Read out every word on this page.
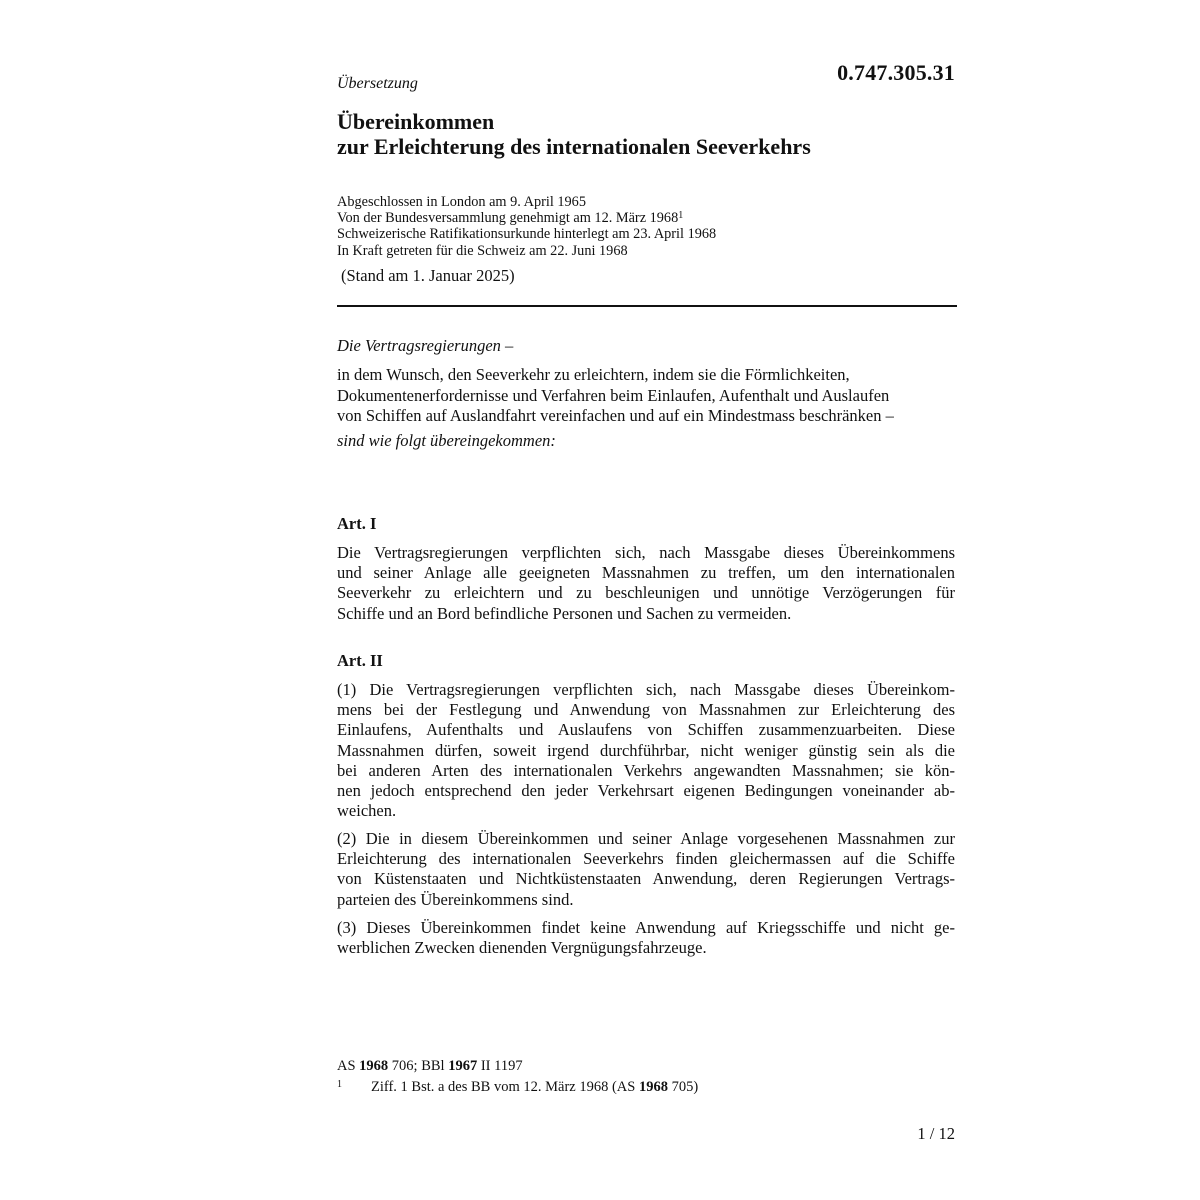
0.747.305.31
Übersetzung
Übereinkommen
zur Erleichterung des internationalen Seeverkehrs
Abgeschlossen in London am 9. April 1965
Von der Bundesversammlung genehmigt am 12. März 1968$^1$
Schweizerische Ratifikationsurkunde hinterlegt am 23. April 1968
In Kraft getreten für die Schweiz am 22. Juni 1968
(Stand am 1. Januar 2025)
Die Vertragsregierungen –
in dem Wunsch, den Seeverkehr zu erleichtern, indem sie die Förmlichkeiten,
Dokumentenerfordernisse und Verfahren beim Einlaufen, Aufenthalt und Auslaufen
von Schiffen auf Auslandfahrt vereinfachen und auf ein Mindestmass beschränken –
sind wie folgt übereingekommen:
Art. I
Die Vertragsregierungen verpflichten sich, nach Massgabe dieses Übereinkommens
und seiner Anlage alle geeigneten Massnahmen zu treffen, um den internationalen
Seeverkehr zu erleichtern und zu beschleunigen und unnötige Verzögerungen für
Schiffe und an Bord befindliche Personen und Sachen zu vermeiden.
Art. II
(1) Die Vertragsregierungen verpflichten sich, nach Massgabe dieses Übereinkom-
mens bei der Festlegung und Anwendung von Massnahmen zur Erleichterung des
Einlaufens, Aufenthalts und Auslaufens von Schiffen zusammenzuarbeiten. Diese
Massnahmen dürfen, soweit irgend durchführbar, nicht weniger günstig sein als die
bei anderen Arten des internationalen Verkehrs angewandten Massnahmen; sie kön-
nen jedoch entsprechend den jeder Verkehrsart eigenen Bedingungen voneinander ab-
weichen.
(2) Die in diesem Übereinkommen und seiner Anlage vorgesehenen Massnahmen zur
Erleichterung des internationalen Seeverkehrs finden gleichermassen auf die Schiffe
von Küstenstaaten und Nichtküstenstaaten Anwendung, deren Regierungen Vertrags-
parteien des Übereinkommens sind.
(3) Dieses Übereinkommen findet keine Anwendung auf Kriegsschiffe und nicht ge-
werblichen Zwecken dienenden Vergnügungsfahrzeuge.
AS 1968 706; BBl 1967 II 1197
1 Ziff. 1 Bst. a des BB vom 12. März 1968 (AS 1968 705)
1 / 12
